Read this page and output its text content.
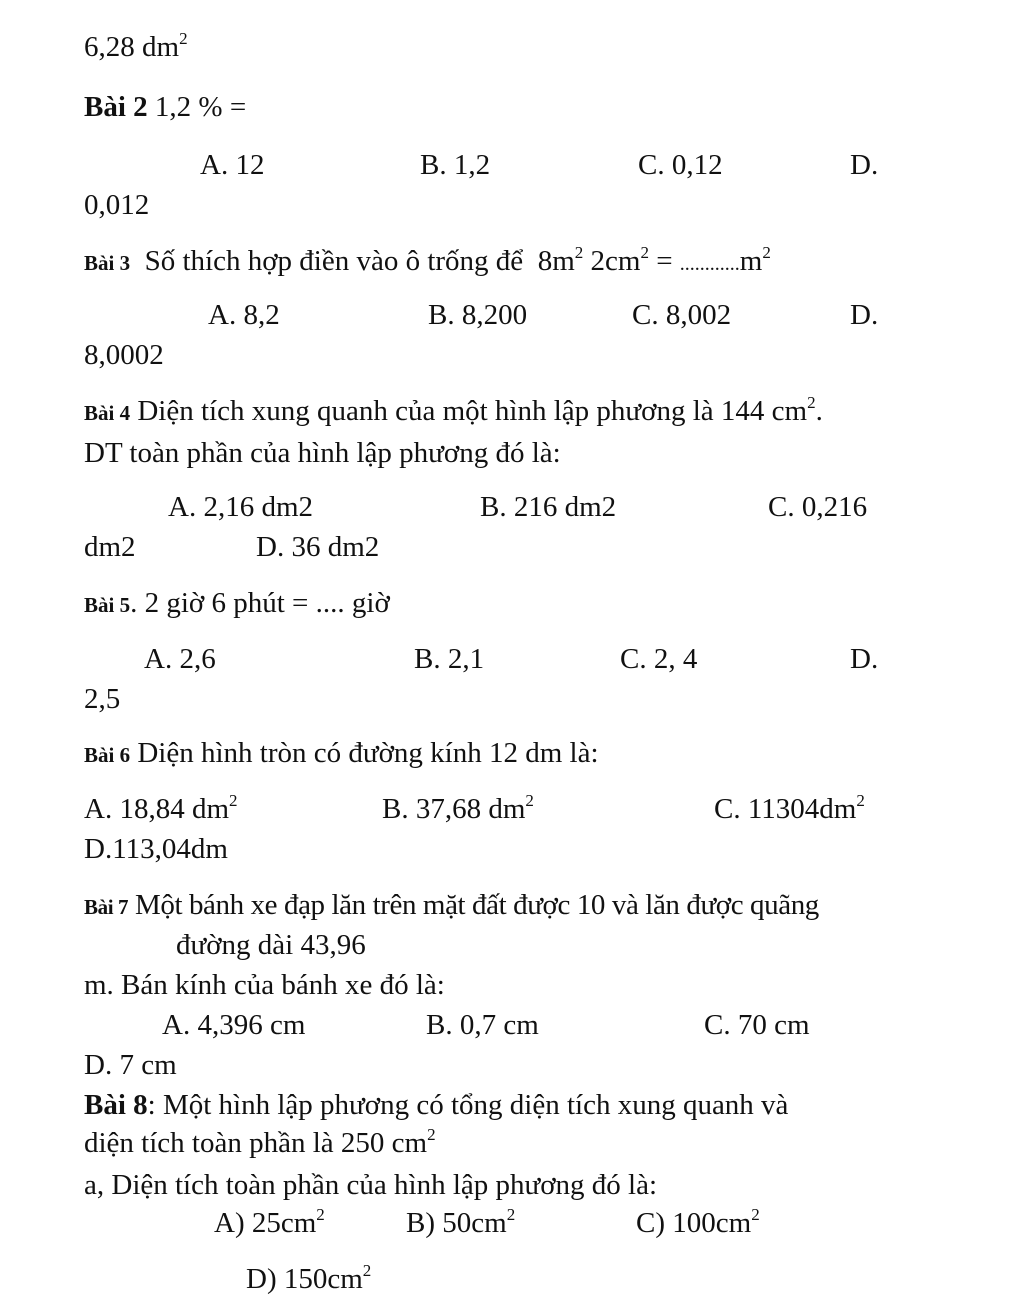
6,28 $dm^2$
Bài 2 1,2 % =
A. 12	B. 1,2	C. 0,12	D.
0,012
Bài 3 Số thích hợp điền vào ô trống để $8m^2$ $2cm^2 = ............m^2$
A. 8,2	B. 8,200	C. 8,002	D.
8,0002
Bài 4 Diện tích xung quanh của một hình lập phương là 144 $cm^2$.
DT toàn phần của hình lập phương đó là:
A. 2,16 dm2	B. 216 dm2	C. 0,216
dm2	D. 36 dm2
Bài 5. 2 giờ 6 phút = .... giờ
A. 2,6	B. 2,1	C. 2, 4	D.
2,5
Bài 6 Diện hình tròn có đường kính 12 dm là:
A. 18,84 $dm^2$	B. 37,68 $dm^2$	C. $11304dm^2$
D.113,04dm
Bài 7 Một bánh xe đạp lăn trên mặt đất được 10 và lăn được quãng
đường dài 43,96
m. Bán kính của bánh xe đó là:
A. 4,396 cm	B. 0,7 cm	C. 70 cm
D. 7 cm
Bài 8: Một hình lập phương có tổng diện tích xung quanh và
diện tích toàn phần là 250 $cm^2$
a, Diện tích toàn phần của hình lập phương đó là:
A) $25cm^2$	B) $50cm^2$	C) $100cm^2$
D) $150cm^2$
